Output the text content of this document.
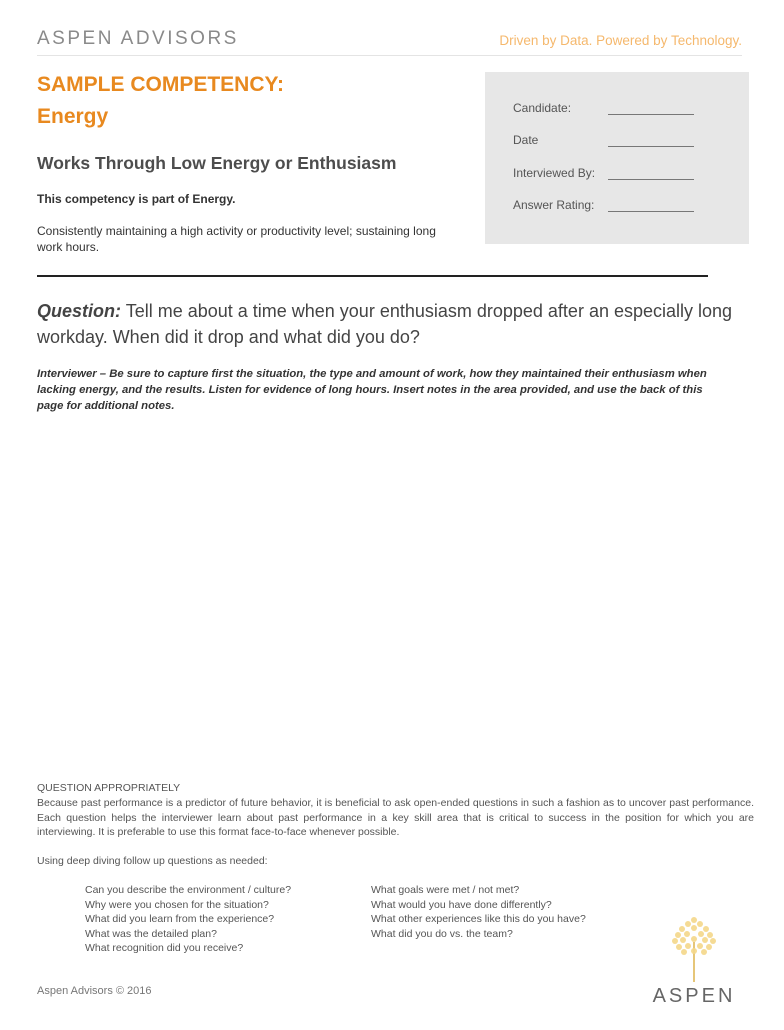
ASPEN ADVISORS	Driven by Data. Powered by Technology.
SAMPLE COMPETENCY:
Energy
Works Through Low Energy or Enthusiasm
This competency is part of Energy.
Consistently maintaining a high activity or productivity level; sustaining long work hours.
Candidate:
Date
Interviewed By:
Answer Rating:
Question: Tell me about a time when your enthusiasm dropped after an especially long workday. When did it drop and what did you do?
Interviewer – Be sure to capture first the situation, the type and amount of work, how they maintained their enthusiasm when lacking energy, and the results. Listen for evidence of long hours. Insert notes in the area provided, and use the back of this page for additional notes.
QUESTION APPROPRIATELY
Because past performance is a predictor of future behavior, it is beneficial to ask open-ended questions in such a fashion as to uncover past performance. Each question helps the interviewer learn about past performance in a key skill area that is critical to success in the position for which you are interviewing. It is preferable to use this format face-to-face whenever possible.
Using deep diving follow up questions as needed:
Can you describe the environment / culture?
Why were you chosen for the situation?
What did you learn from the experience?
What was the detailed plan?
What recognition did you receive?
What goals were met / not met?
What would you have done differently?
What other experiences like this do you have?
What did you do vs. the team?
Aspen Advisors © 2016	ASPEN
